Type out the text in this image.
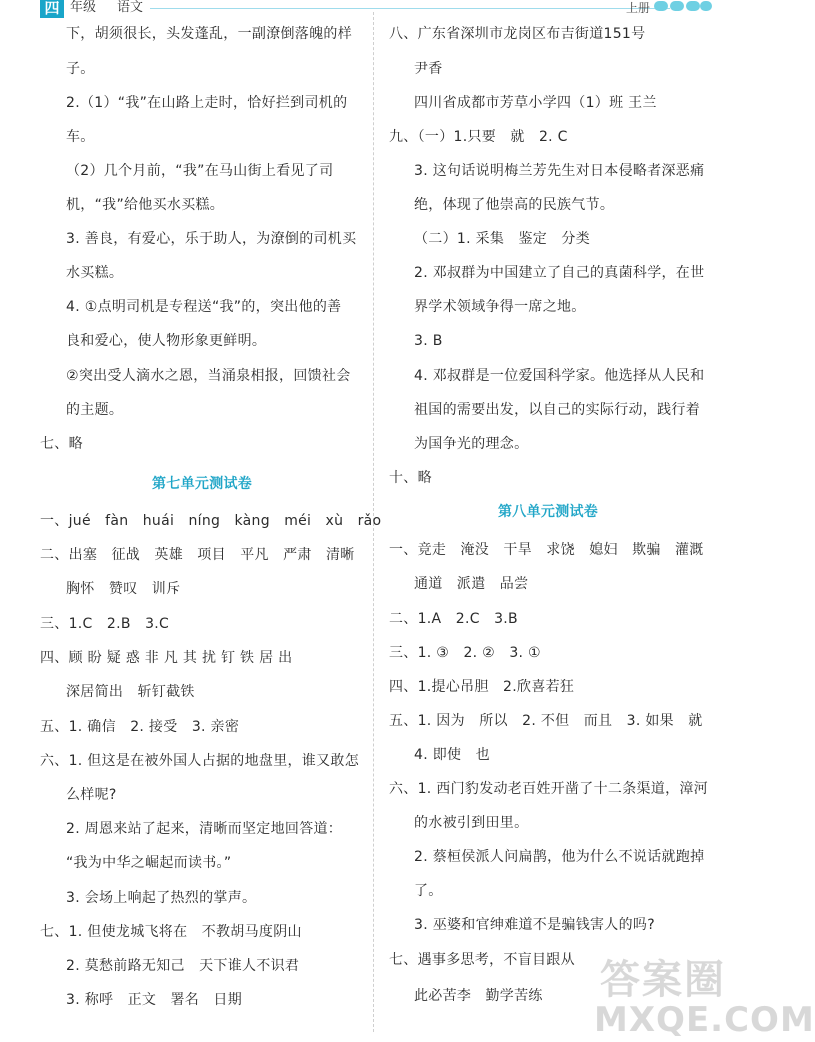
四 年级 语文	上册
下，胡须很长，头发蓬乱，一副潦倒落魄的样
子。
2.（1）“我”在山路上走时，恰好拦到司机的
车。
（2）几个月前，“我”在马山街上看见了司
机，“我”给他买水买糕。
3. 善良，有爱心，乐于助人，为潦倒的司机买
水买糕。
4. ①点明司机是专程送“我”的，突出他的善
良和爱心，使人物形象更鲜明。
②突出受人滴水之恩，当涌泉相报，回馈社会
的主题。
七、略
第七单元测试卷
一、jué　fàn　huái　níng　kàng　méi　xù　rǎo
二、出塞　征战　英雄　项目　平凡　严肃　清晰
胸怀　赞叹　训斥
三、1.C　2.B　3.C
四、顾 盼 疑 惑 非 凡 其 扰 钉 铁 居 出
深居简出　斩钉截铁
五、1. 确信　2. 接受　3. 亲密
六、1. 但这是在被外国人占据的地盘里，谁又敢怎
么样呢?
2. 周恩来站了起来，清晰而坚定地回答道：
“我为中华之崛起而读书。”
3. 会场上响起了热烈的掌声。
七、1. 但使龙城飞将在　不教胡马度阴山
2. 莫愁前路无知己　天下谁人不识君
3. 称呼　正文　署名　日期
八、广东省深圳市龙岗区布吉街道151号
尹香
四川省成都市芳草小学四（1）班 王兰
九、（一）1.只要　就　2. C
3. 这句话说明梅兰芳先生对日本侵略者深恶痛
绝，体现了他崇高的民族气节。
（二）1. 采集　鉴定　分类
2. 邓叔群为中国建立了自己的真菌科学，在世
界学术领域争得一席之地。
3. B
4. 邓叔群是一位爱国科学家。他选择从人民和
祖国的需要出发，以自己的实际行动，践行着
为国争光的理念。
十、略
第八单元测试卷
一、竞走　淹没　干旱　求饶　媳妇　欺骗　灌溉
通道　派遣　品尝
二、1.A　2.C　3.B
三、1. ③　2. ②　3. ①
四、1.提心吊胆　2.欣喜若狂
五、1. 因为　所以　2. 不但　而且　3. 如果　就
4. 即使　也
六、1. 西门豹发动老百姓开凿了十二条渠道，漳河
的水被引到田里。
2. 蔡桓侯派人问扁鹊，他为什么不说话就跑掉
了。
3. 巫婆和官绅难道不是骗钱害人的吗?
七、遇事多思考，不盲目跟从　
此必苦李　勤学苦练 答案圈
MXQE.COM
